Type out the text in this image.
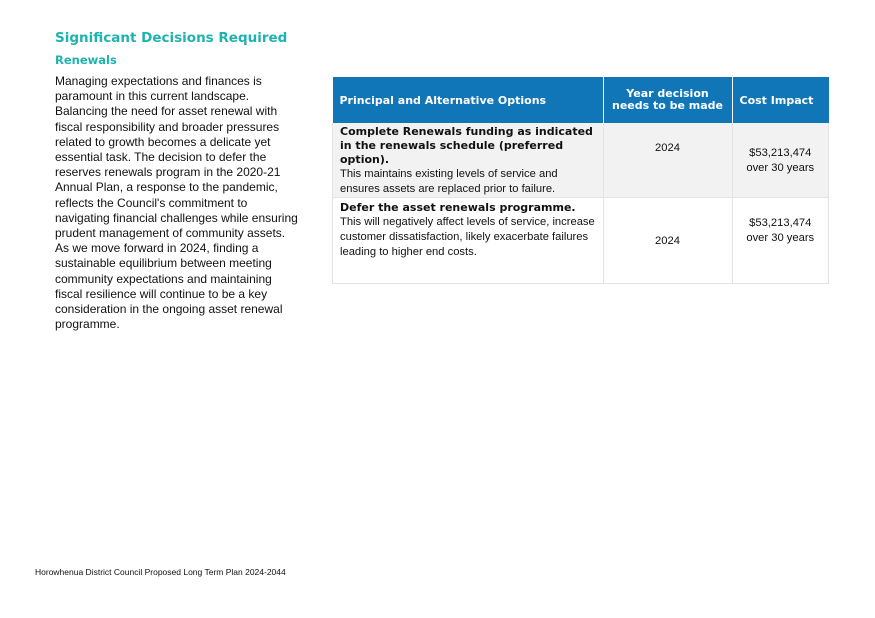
Significant Decisions Required
Renewals

Managing expectations and finances is paramount in this current landscape. Balancing the need for asset renewal with fiscal responsibility and broader pressures related to growth becomes a delicate yet essential task. The decision to defer the reserves renewals program in the 2020-21 Annual Plan, a response to the pandemic, reflects the Council's commitment to navigating financial challenges while ensuring prudent management of community assets. As we move forward in 2024, finding a sustainable equilibrium between meeting community expectations and maintaining fiscal resilience will continue to be a key consideration in the ongoing asset renewal programme.

Principal and Alternative Options	Year decision needs to be made	Cost Impact

Complete Renewals funding as indicated in the renewals schedule (preferred option).
This maintains existing levels of service and ensures assets are replaced prior to failure.	2024	$53,213,474 over 30 years

Defer the asset renewals programme.
This will negatively affect levels of service, increase customer dissatisfaction, likely exacerbate failures leading to higher end costs.	2024	$53,213,474 over 30 years

Horowhenua District Council Proposed Long Term Plan 2024-2044
